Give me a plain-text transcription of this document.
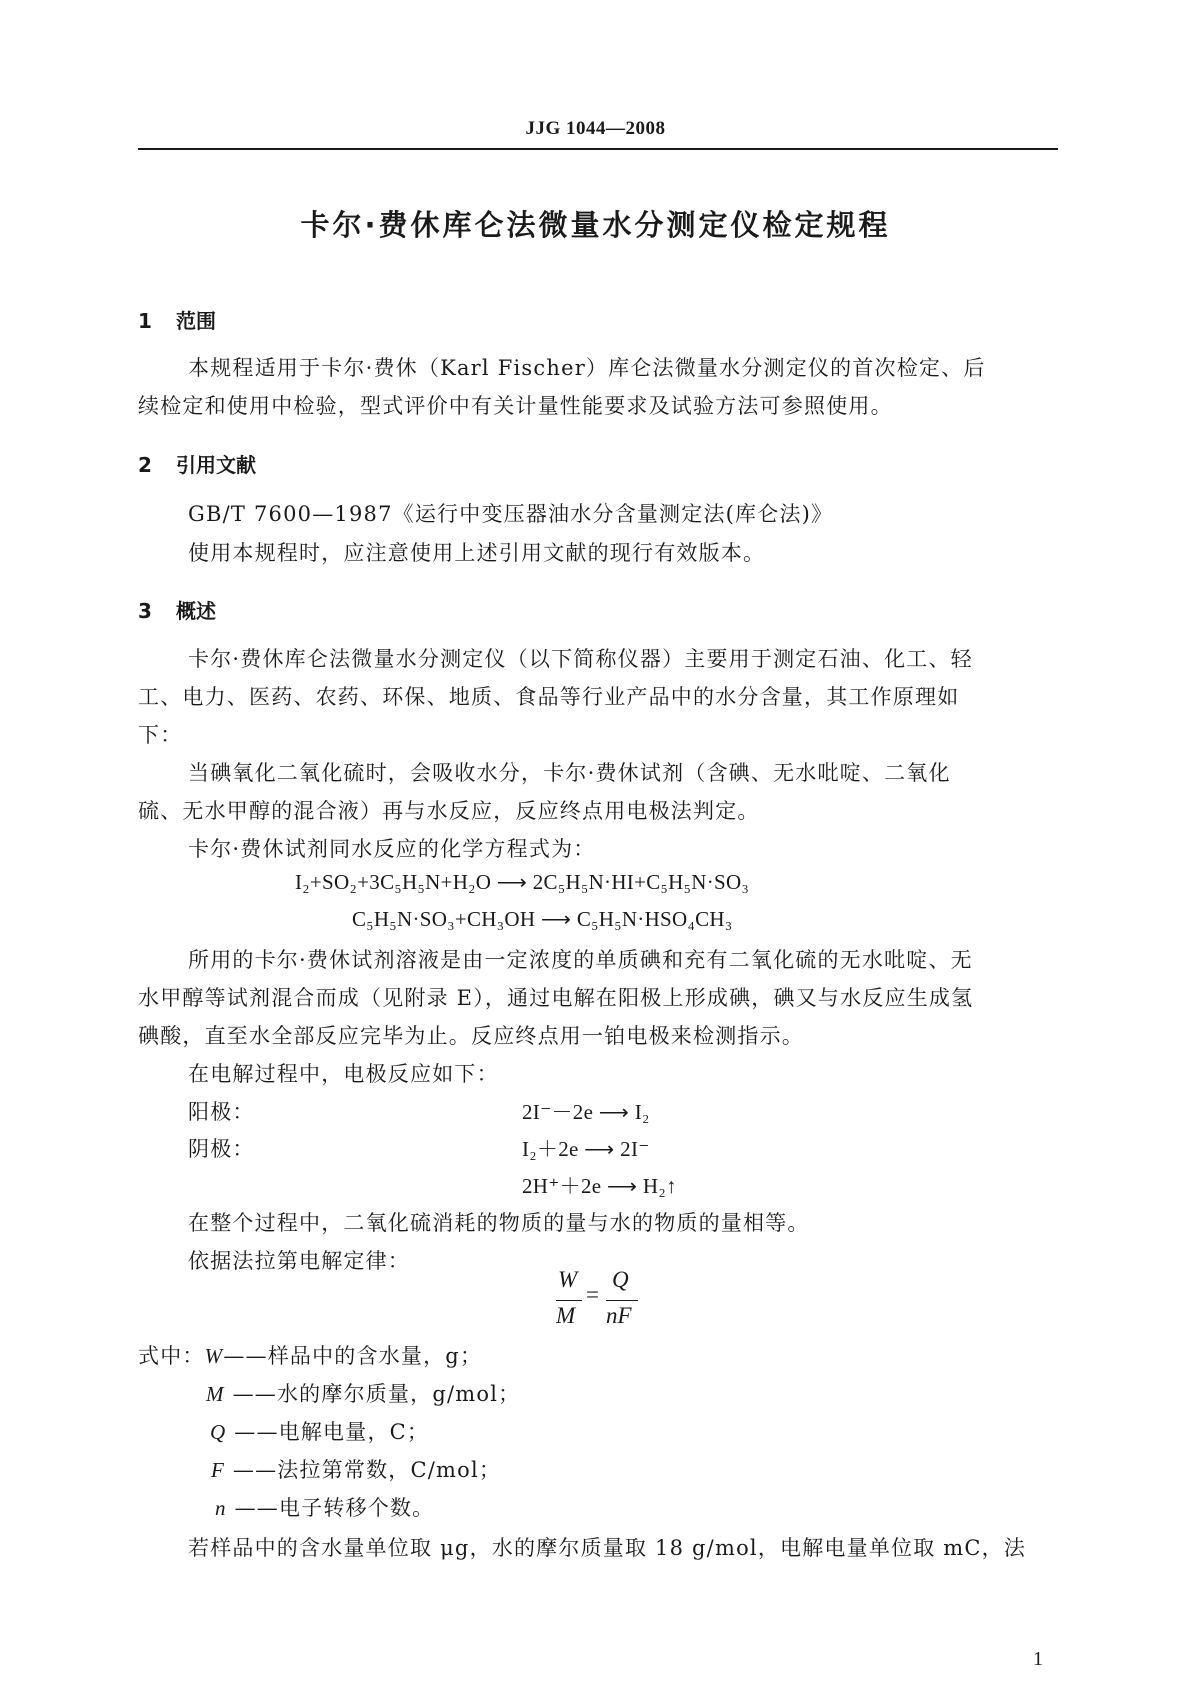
JJG 1044—2008
卡尔·费休库仑法微量水分测定仪检定规程
1 范围
本规程适用于卡尔·费休（Karl Fischer）库仑法微量水分测定仪的首次检定、后
续检定和使用中检验，型式评价中有关计量性能要求及试验方法可参照使用。
2 引用文献
GB/T 7600—1987《运行中变压器油水分含量测定法(库仑法)》
使用本规程时，应注意使用上述引用文献的现行有效版本。
3 概述
卡尔·费休库仑法微量水分测定仪（以下简称仪器）主要用于测定石油、化工、轻
工、电力、医药、农药、环保、地质、食品等行业产品中的水分含量，其工作原理如
下：
当碘氧化二氧化硫时，会吸收水分，卡尔·费休试剂（含碘、无水吡啶、二氧化
硫、无水甲醇的混合液）再与水反应，反应终点用电极法判定。
卡尔·费休试剂同水反应的化学方程式为：
I₂+SO₂+3C₅H₅N+H₂O ⟶ 2C₅H₅N·HI+C₅H₅N·SO₃
C₅H₅N·SO₃+CH₃OH ⟶ C₅H₅N·HSO₄CH₃
所用的卡尔·费休试剂溶液是由一定浓度的单质碘和充有二氧化硫的无水吡啶、无
水甲醇等试剂混合而成（见附录 E），通过电解在阳极上形成碘，碘又与水反应生成氢
碘酸，直至水全部反应完毕为止。反应终点用一铂电极来检测指示。
在电解过程中，电极反应如下：
阳极：	2I⁻－2e ⟶ I₂
阴极：	I₂＋2e ⟶ 2I⁻
2H⁺＋2e ⟶ H₂↑
在整个过程中，二氧化硫消耗的物质的量与水的物质的量相等。
依据法拉第电解定律：
W
M
=
Q
nF
式中：W——样品中的含水量，g；
M ——水的摩尔质量，g/mol；
Q ——电解电量，C；
F ——法拉第常数，C/mol；
n ——电子转移个数。
若样品中的含水量单位取 μg，水的摩尔质量取 18 g/mol，电解电量单位取 mC，法
1
